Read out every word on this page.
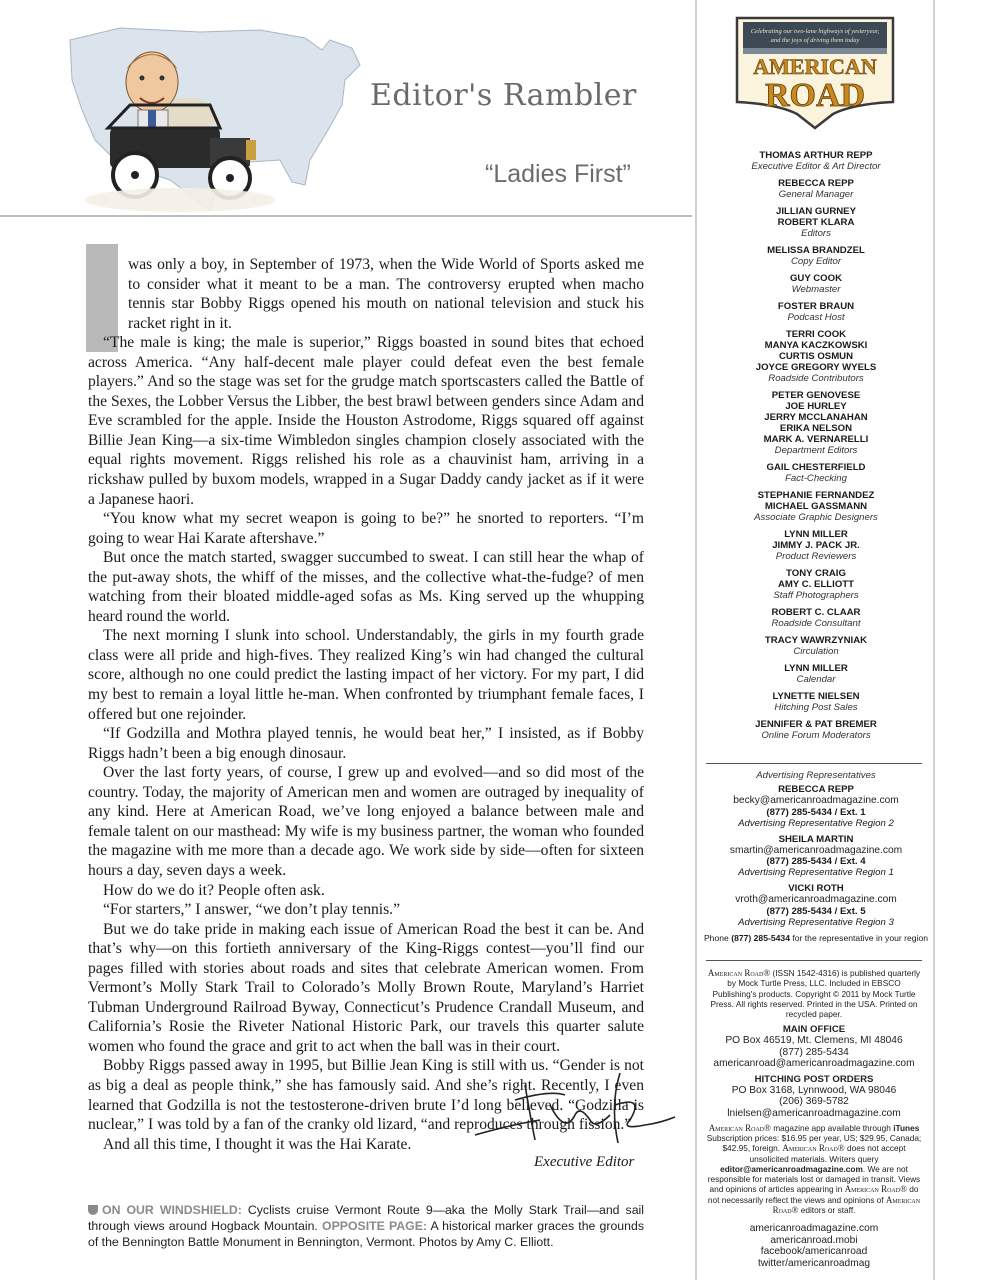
Editor's Rambler
“Ladies First”

was only a boy, in September of 1973, when the Wide World of Sports asked me to consider what it meant to be a man. The controversy erupted when macho tennis star Bobby Riggs opened his mouth on national television and stuck his racket right in it.

“The male is king; the male is superior,” Riggs boasted in sound bites that echoed across America. “Any half-decent male player could defeat even the best female players.” And so the stage was set for the grudge match sportscasters called the Battle of the Sexes, the Lobber Versus the Libber, the best brawl between genders since Adam and Eve scrambled for the apple. Inside the Houston Astrodome, Riggs squared off against Billie Jean King—a six-time Wimbledon singles champion closely associated with the equal rights movement. Riggs relished his role as a chauvinist ham, arriving in a rickshaw pulled by buxom models, wrapped in a Sugar Daddy candy jacket as if it were a Japanese haori.

“You know what my secret weapon is going to be?” he snorted to reporters. “I’m going to wear Hai Karate aftershave.”

But once the match started, swagger succumbed to sweat. I can still hear the whap of the put-away shots, the whiff of the misses, and the collective what-the-fudge? of men watching from their bloated middle-aged sofas as Ms. King served up the whupping heard round the world.

The next morning I slunk into school. Understandably, the girls in my fourth grade class were all pride and high-fives. They realized King’s win had changed the cultural score, although no one could predict the lasting impact of her victory. For my part, I did my best to remain a loyal little he-man. When confronted by triumphant female faces, I offered but one rejoinder.

“If Godzilla and Mothra played tennis, he would beat her,” I insisted, as if Bobby Riggs hadn’t been a big enough dinosaur.

Over the last forty years, of course, I grew up and evolved—and so did most of the country. Today, the majority of American men and women are outraged by inequality of any kind. Here at American Road, we’ve long enjoyed a balance between male and female talent on our masthead: My wife is my business partner, the woman who founded the magazine with me more than a decade ago. We work side by side—often for sixteen hours a day, seven days a week.

How do we do it? People often ask.

“For starters,” I answer, “we don’t play tennis.”

But we do take pride in making each issue of American Road the best it can be. And that’s why—on this fortieth anniversary of the King-Riggs contest—you’ll find our pages filled with stories about roads and sites that celebrate American women. From Vermont’s Molly Stark Trail to Colorado’s Molly Brown Route, Maryland’s Harriet Tubman Underground Railroad Byway, Connecticut’s Prudence Crandall Museum, and California’s Rosie the Riveter National Historic Park, our travels this quarter salute women who found the grace and grit to act when the ball was in their court.

Bobby Riggs passed away in 1995, but Billie Jean King is still with us. “Gender is not as big a deal as people think,” she has famously said. And she’s right. Recently, I even learned that Godzilla is not the testosterone-driven brute I’d long believed. “Godzilla is nuclear,” I was told by a fan of the cranky old lizard, “and reproduces through fission.”

And all this time, I thought it was the Hai Karate.

Executive Editor
ON OUR WINDSHIELD: Cyclists cruise Vermont Route 9—aka the Molly Stark Trail—and sail through views around Hogback Mountain. OPPOSITE PAGE: A historical marker graces the grounds of the Bennington Battle Monument in Bennington, Vermont. Photos by Amy C. Elliott.
Celebrating our two-lane highways of yesteryear,
and the joys of driving them today
AMERICAN
ROAD
THOMAS ARTHUR REPP
Executive Editor & Art Director
REBECCA REPP
General Manager
JILLIAN GURNEY
ROBERT KLARA
Editors
MELISSA BRANDZEL
Copy Editor
GUY COOK
Webmaster
FOSTER BRAUN
Podcast Host
TERRI COOK
MANYA KACZKOWSKI
CURTIS OSMUN
JOYCE GREGORY WYELS
Roadside Contributors
PETER GENOVESE
JOE HURLEY
JERRY MCCLANAHAN
ERIKA NELSON
MARK A. VERNARELLI
Department Editors
GAIL CHESTERFIELD
Fact-Checking
STEPHANIE FERNANDEZ
MICHAEL GASSMANN
Associate Graphic Designers
LYNN MILLER
JIMMY J. PACK JR.
Product Reviewers
TONY CRAIG
AMY C. ELLIOTT
Staff Photographers
ROBERT C. CLAAR
Roadside Consultant
TRACY WAWRZYNIAK
Circulation
LYNN MILLER
Calendar
LYNETTE NIELSEN
Hitching Post Sales
JENNIFER & PAT BREMER
Online Forum Moderators
Advertising Representatives
REBECCA REPP
becky@americanroadmagazine.com
(877) 285-5434 / Ext. 1
Advertising Representative Region 2
SHEILA MARTIN
smartin@americanroadmagazine.com
(877) 285-5434 / Ext. 4
Advertising Representative Region 1
VICKI ROTH
vroth@americanroadmagazine.com
(877) 285-5434 / Ext. 5
Advertising Representative Region 3
Phone (877) 285-5434 for the representative in your region
American Road® (ISSN 1542-4316) is published quarterly by Mock Turtle Press, LLC. Included in EBSCO Publishing's products. Copyright © 2011 by Mock Turtle Press. All rights reserved. Printed in the USA. Printed on recycled paper.
MAIN OFFICE
PO Box 46519, Mt. Clemens, MI 48046
(877) 285-5434
americanroad@americanroadmagazine.com
HITCHING POST ORDERS
PO Box 3168, Lynnwood, WA 98046
(206) 369-5782
lnielsen@americanroadmagazine.com
American Road® magazine app available through iTunes
Subscription prices: $16.95 per year, US; $29.95, Canada; $42.95, foreign. American Road® does not accept unsolicited materials. Writers query editor@americanroadmagazine.com. We are not responsible for materials lost or damaged in transit. Views and opinions of articles appearing in American Road® do not necessarily reflect the views and opinions of American Road® editors or staff.
americanroadmagazine.com
americanroad.mobi
facebook/americanroad
twitter/americanroadmag
